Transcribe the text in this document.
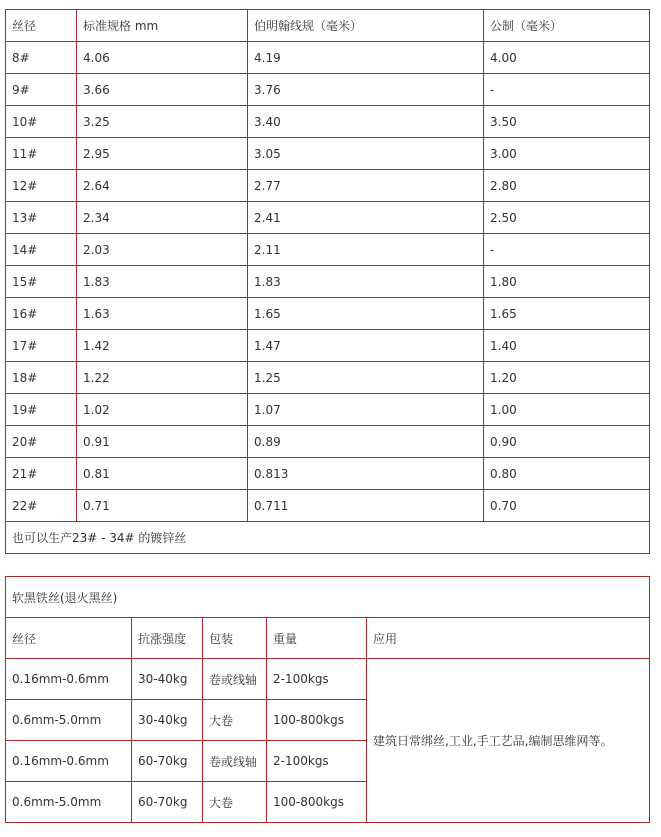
丝径	标准规格 mm	伯明翰线规（毫米）	公制（毫米）
8#	4.06	4.19	4.00
9#	3.66	3.76	-
10#	3.25	3.40	3.50
11#	2.95	3.05	3.00
12#	2.64	2.77	2.80
13#	2.34	2.41	2.50
14#	2.03	2.11	-
15#	1.83	1.83	1.80
16#	1.63	1.65	1.65
17#	1.42	1.47	1.40
18#	1.22	1.25	1.20
19#	1.02	1.07	1.00
20#	0.91	0.89	0.90
21#	0.81	0.813	0.80
22#	0.71	0.711	0.70
也可以生产23# - 34# 的镀锌丝			
软黑铁丝(退火黑丝)				
丝径	抗涨强度	包装	重量	应用
0.16mm-0.6mm	30-40kg	卷或线轴	2-100kgs	建筑日常绑丝,工业,手工艺品,编制思维网等。
0.6mm-5.0mm	30-40kg	大卷	100-800kgs	
0.16mm-0.6mm	60-70kg	卷或线轴	2-100kgs	
0.6mm-5.0mm	60-70kg	大卷	100-800kgs	
